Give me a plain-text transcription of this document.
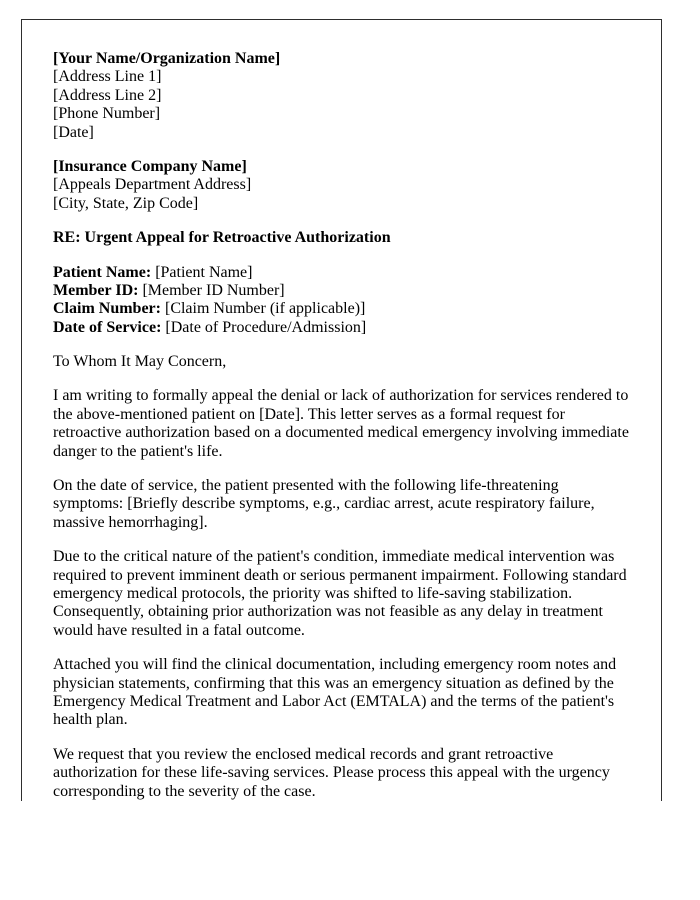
[Your Name/Organization Name]
[Address Line 1]
[Address Line 2]
[Phone Number]
[Date]

[Insurance Company Name]
[Appeals Department Address]
[City, State, Zip Code]

RE: Urgent Appeal for Retroactive Authorization

Patient Name: [Patient Name]
Member ID: [Member ID Number]
Claim Number: [Claim Number (if applicable)]
Date of Service: [Date of Procedure/Admission]

To Whom It May Concern,

I am writing to formally appeal the denial or lack of authorization for services rendered to the above-mentioned patient on [Date]. This letter serves as a formal request for retroactive authorization based on a documented medical emergency involving immediate danger to the patient's life.

On the date of service, the patient presented with the following life-threatening symptoms: [Briefly describe symptoms, e.g., cardiac arrest, acute respiratory failure, massive hemorrhaging].

Due to the critical nature of the patient's condition, immediate medical intervention was required to prevent imminent death or serious permanent impairment. Following standard emergency medical protocols, the priority was shifted to life-saving stabilization. Consequently, obtaining prior authorization was not feasible as any delay in treatment would have resulted in a fatal outcome.

Attached you will find the clinical documentation, including emergency room notes and physician statements, confirming that this was an emergency situation as defined by the Emergency Medical Treatment and Labor Act (EMTALA) and the terms of the patient's health plan.

We request that you review the enclosed medical records and grant retroactive authorization for these life-saving services. Please process this appeal with the urgency corresponding to the severity of the case.
